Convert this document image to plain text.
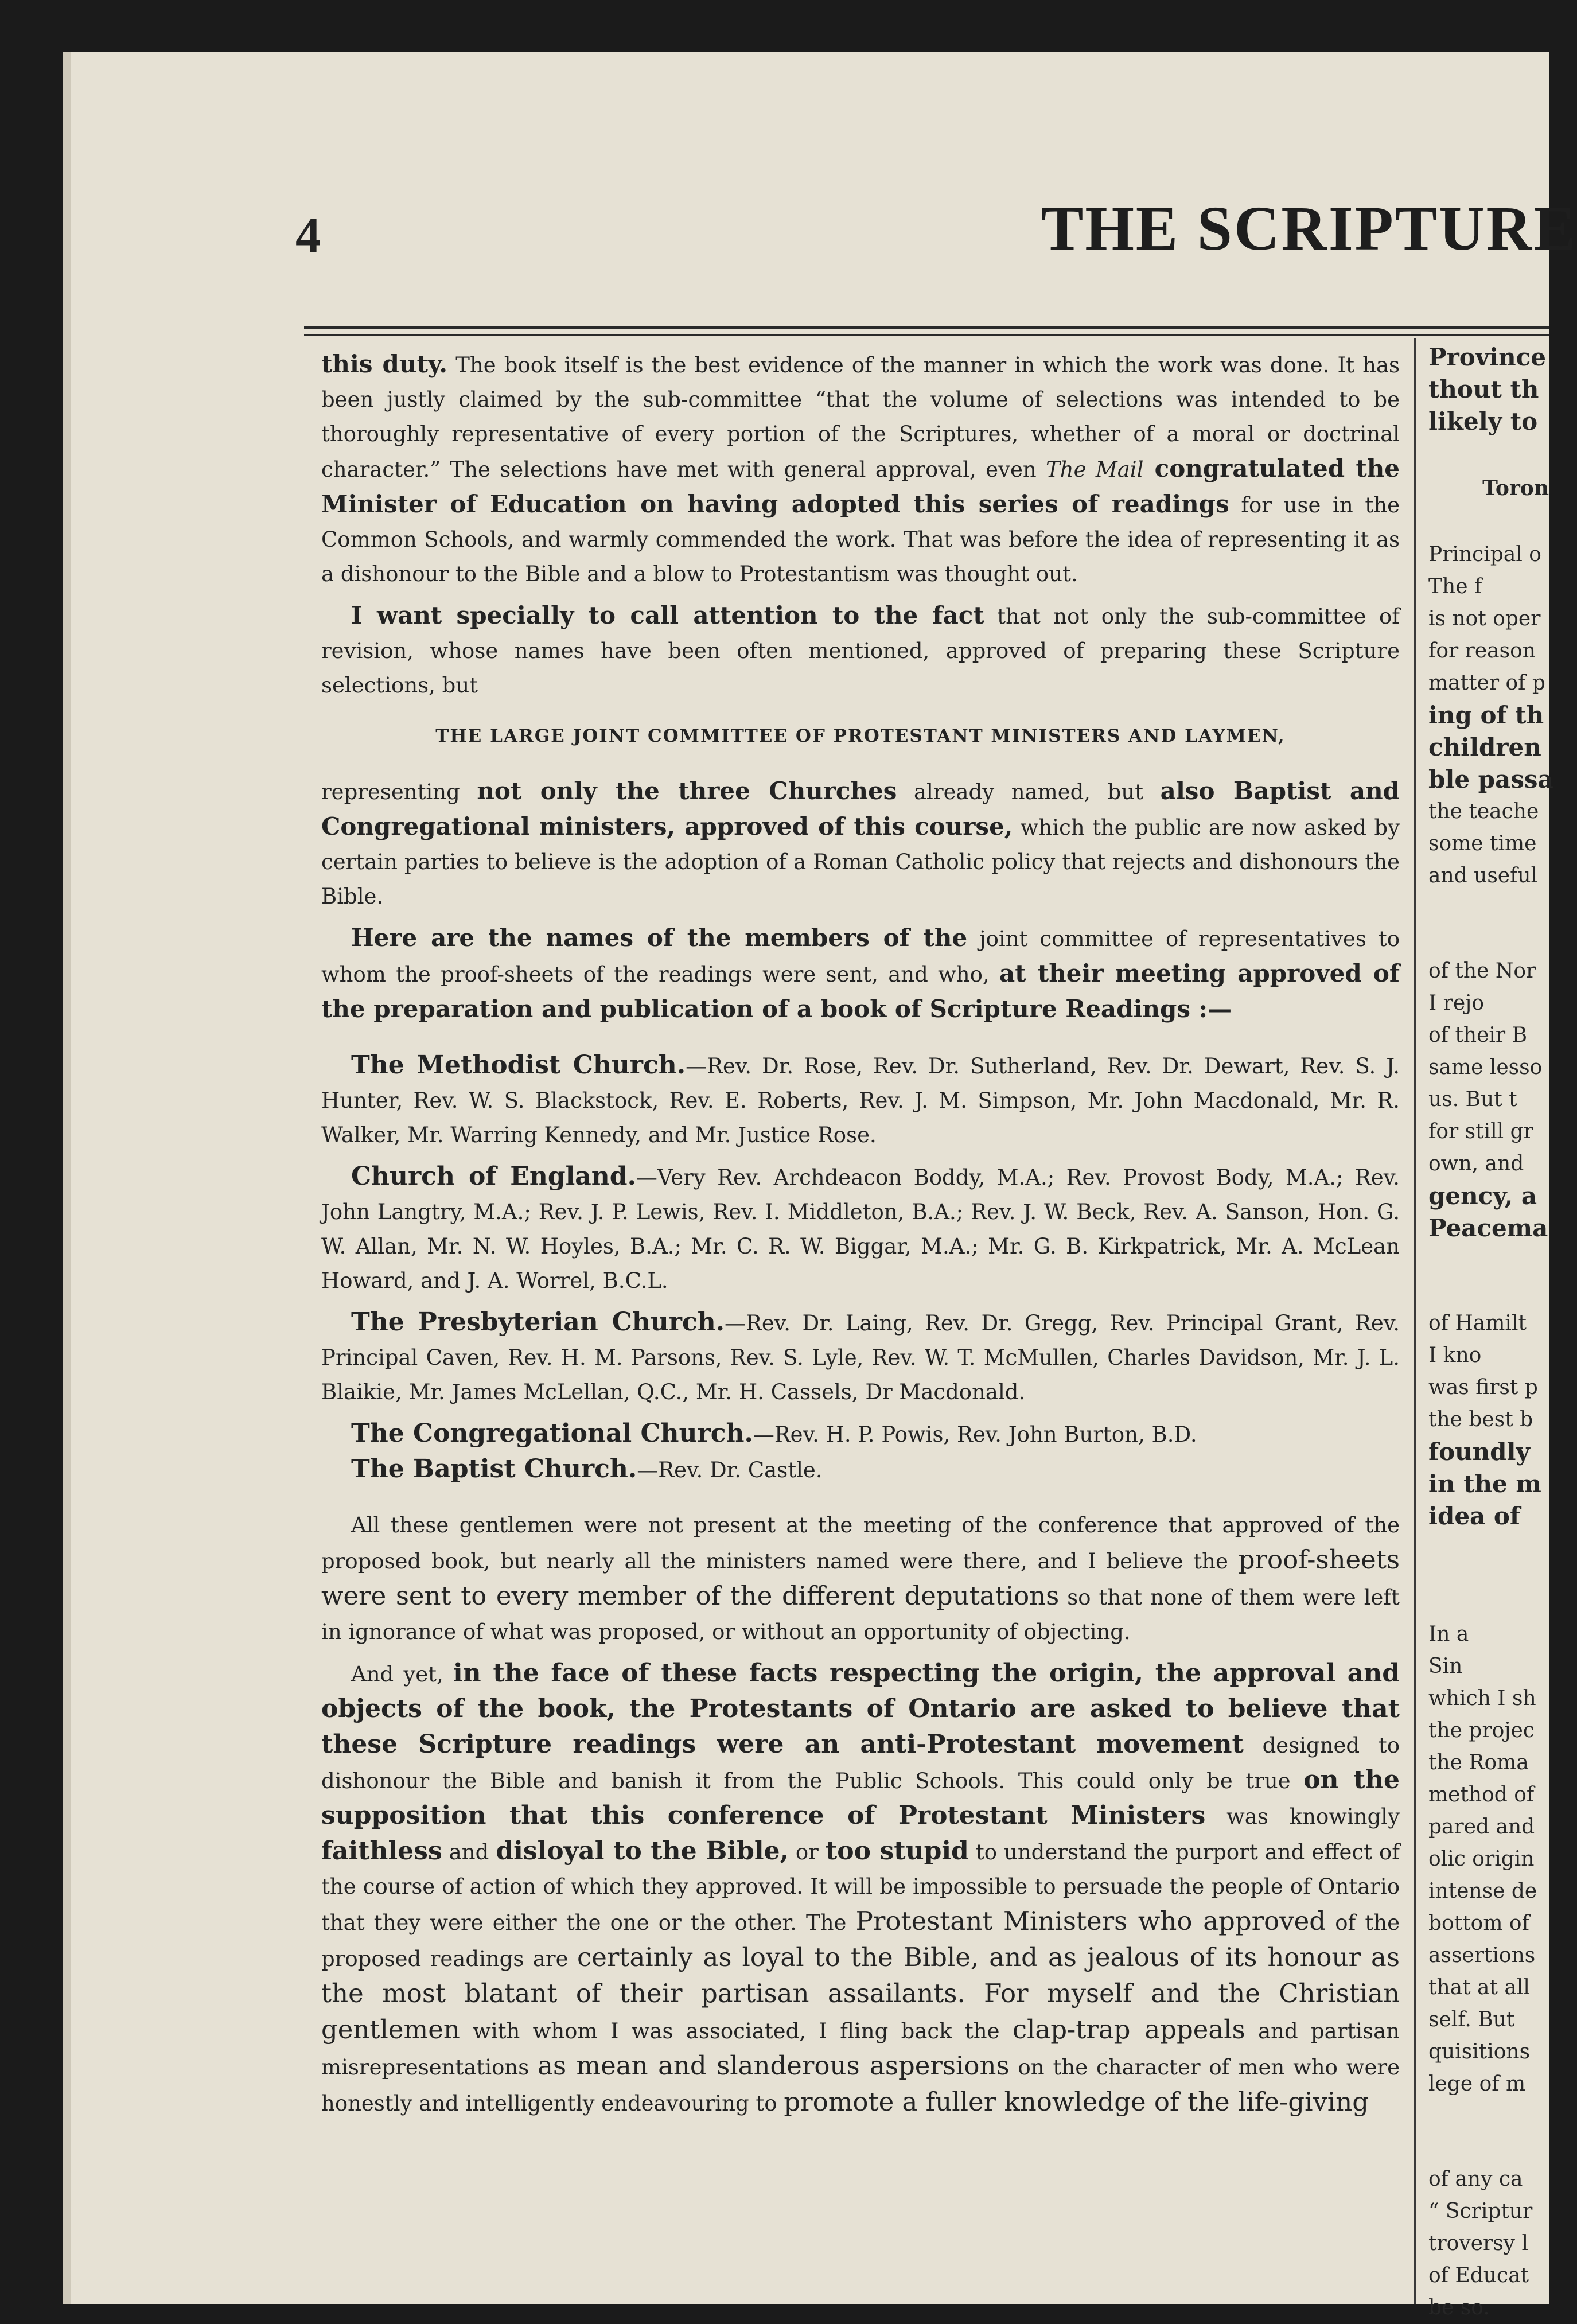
4	THE SCRIPTURE

this duty. The book itself is the best evidence of the manner in which the work was done. It has been justly claimed by the sub-committee “that the volume of selections was intended to be thoroughly representative of every portion of the Scriptures, whether of a moral or doctrinal character.” The selections have met with general approval, even The Mail congratulated the Minister of Education on having adopted this series of readings for use in the Common Schools, and warmly commended the work. That was before the idea of representing it as a dishonour to the Bible and a blow to Protestantism was thought out.

I want specially to call attention to the fact that not only the sub-committee of revision, whose names have been often mentioned, approved of preparing these Scripture selections, but

THE LARGE JOINT COMMITTEE OF PROTESTANT MINISTERS AND LAYMEN,

representing not only the three Churches already named, but also Baptist and Congregational ministers, approved of this course, which the public are now asked by certain parties to believe is the adoption of a Roman Catholic policy that rejects and dishonours the Bible.

Here are the names of the members of the joint committee of representatives to whom the proof-sheets of the readings were sent, and who, at their meeting approved of the preparation and publication of a book of Scripture Readings :—

The Methodist Church.—Rev. Dr. Rose, Rev. Dr. Sutherland, Rev. Dr. Dewart, Rev. S. J. Hunter, Rev. W. S. Blackstock, Rev. E. Roberts, Rev. J. M. Simpson, Mr. John Macdonald, Mr. R. Walker, Mr. Warring Kennedy, and Mr. Justice Rose.

Church of England.—Very Rev. Archdeacon Boddy, M.A.; Rev. Provost Body, M.A.; Rev. John Langtry, M.A.; Rev. J. P. Lewis, Rev. I. Middleton, B.A.; Rev. J. W. Beck, Rev. A. Sanson, Hon. G. W. Allan, Mr. N. W. Hoyles, B.A.; Mr. C. R. W. Biggar, M.A.; Mr. G. B. Kirkpatrick, Mr. A. McLean Howard, and J. A. Worrel, B.C.L.

The Presbyterian Church.—Rev. Dr. Laing, Rev. Dr. Gregg, Rev. Principal Grant, Rev. Principal Caven, Rev. H. M. Parsons, Rev. S. Lyle, Rev. W. T. McMullen, Charles Davidson, Mr. J. L. Blaikie, Mr. James McLellan, Q.C., Mr. H. Cassels, Dr Macdonald.

The Congregational Church.—Rev. H. P. Powis, Rev. John Burton, B.D.

The Baptist Church.—Rev. Dr. Castle.

All these gentlemen were not present at the meeting of the conference that approved of the proposed book, but nearly all the ministers named were there, and I believe the proof-sheets were sent to every member of the different deputations so that none of them were left in ignorance of what was proposed, or without an opportunity of objecting.

And yet, in the face of these facts respecting the origin, the approval and objects of the book, the Protestants of Ontario are asked to believe that these Scripture readings were an anti-Protestant movement designed to dishonour the Bible and banish it from the Public Schools. This could only be true on the supposition that this conference of Protestant Ministers was knowingly faithless and disloyal to the Bible, or too stupid to understand the purport and effect of the course of action of which they approved. It will be impossible to persuade the people of Ontario that they were either the one or the other. The Protestant Ministers who approved of the proposed readings are certainly as loyal to the Bible, and as jealous of its honour as the most blatant of their partisan assailants. For myself and the Christian gentlemen with whom I was associated, I fling back the clap-trap appeals and partisan misrepresentations as mean and slanderous aspersions on the character of men who were honestly and intelligently endeavouring to promote a fuller knowledge of the life-giving

Province
thout th
likely to
Toron
Principal o
The f
is not oper
for reason
matter of p
ing of th
children
ble passa
the teache
some time
and useful
of the Nor
I rejo
of their B
same lesso
us. But t
for still gr
own, and
gency, a
Peacema
of Hamilt
I kno
was first p
the best b
foundly
in the m
idea of
In a
Sin
which I sh
the projec
the Roma
method of
pared and
olic origin
intense de
bottom of
assertions
that at all
self. But
quisitions
lege of m
of any ca
“ Scriptur
troversy l
of Educat
be so.
